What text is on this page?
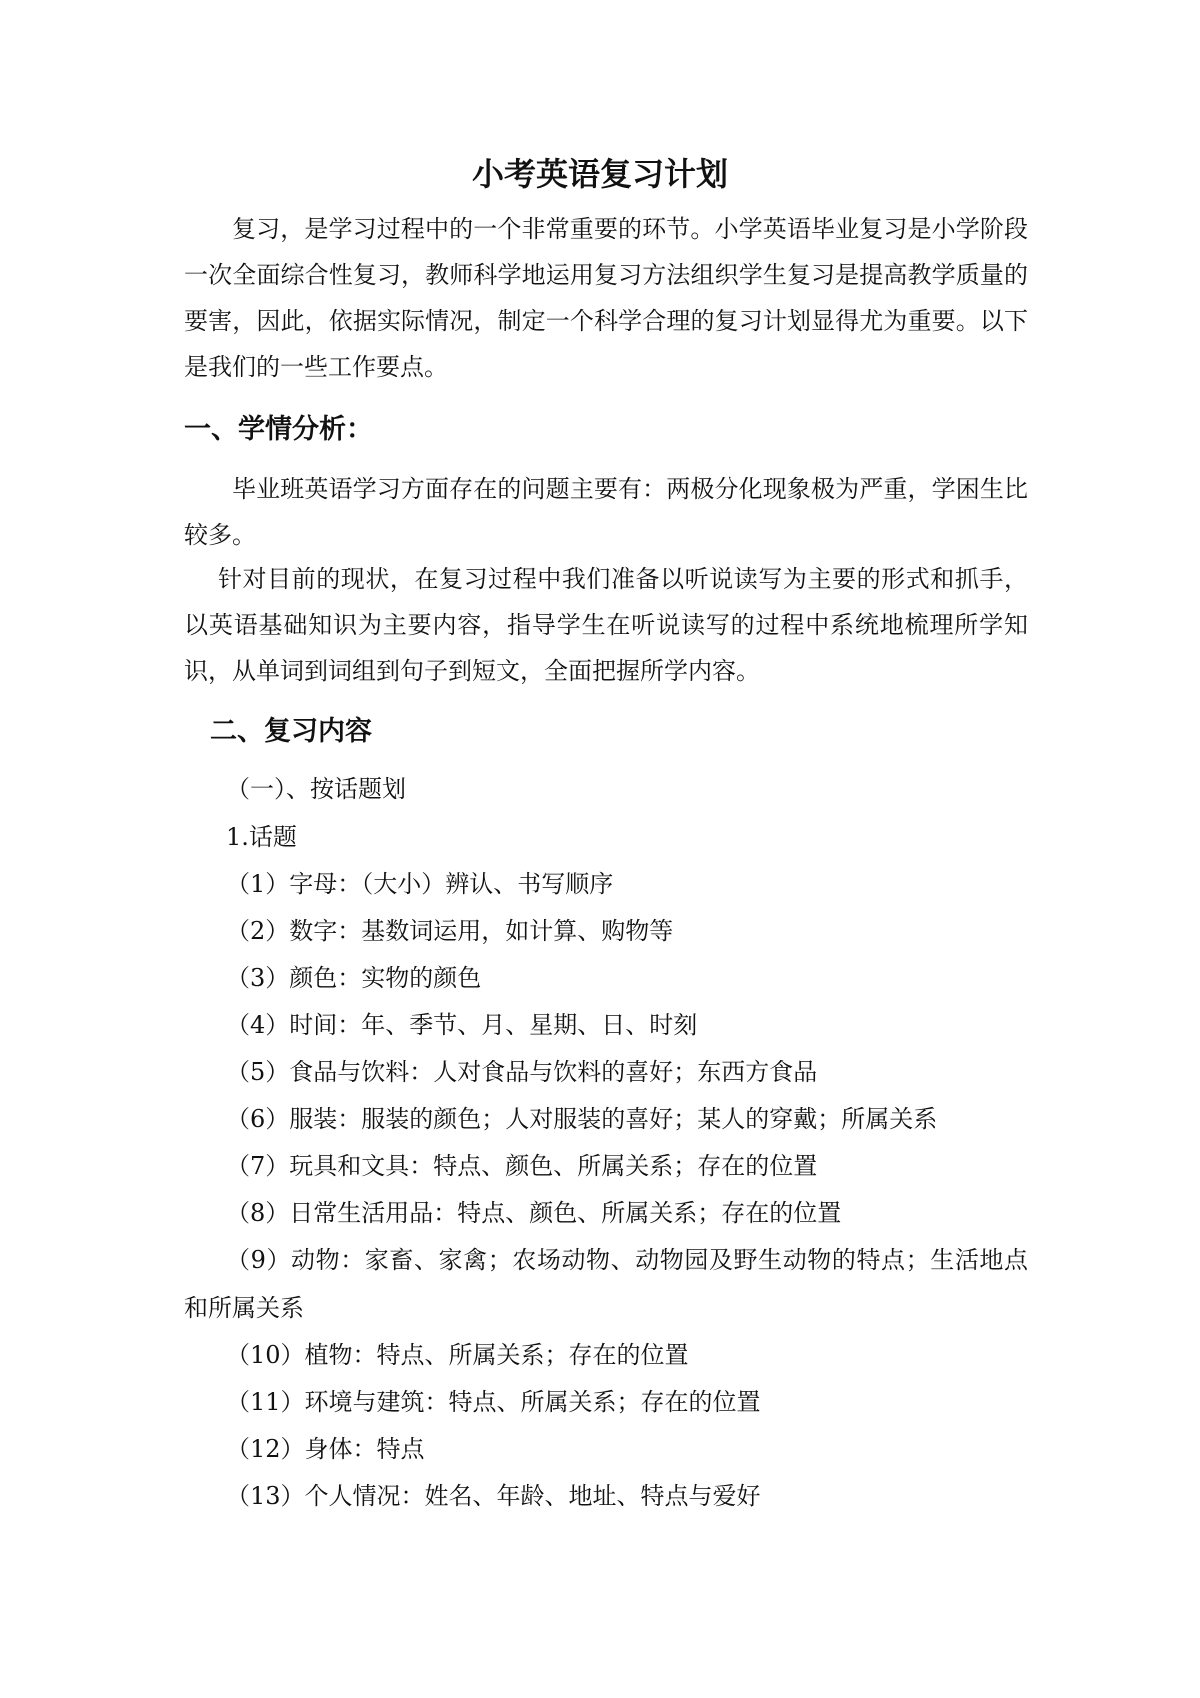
小考英语复习计划
复习，是学习过程中的一个非常重要的环节。小学英语毕业复习是小学阶段一次全面综合性复习，教师科学地运用复习方法组织学生复习是提高教学质量的要害，因此，依据实际情况，制定一个科学合理的复习计划显得尤为重要。以下是我们的一些工作要点。
一、学情分析：
毕业班英语学习方面存在的问题主要有：两极分化现象极为严重，学困生比较多。
针对目前的现状，在复习过程中我们准备以听说读写为主要的形式和抓手，以英语基础知识为主要内容，指导学生在听说读写的过程中系统地梳理所学知识，从单词到词组到句子到短文，全面把握所学内容。
二、复习内容
（一）、按话题划
1.话题
（1）字母：（大小）辨认、书写顺序
（2）数字：基数词运用，如计算、购物等
（3）颜色：实物的颜色
（4）时间：年、季节、月、星期、日、时刻
（5）食品与饮料：人对食品与饮料的喜好；东西方食品
（6）服装：服装的颜色；人对服装的喜好；某人的穿戴；所属关系
（7）玩具和文具：特点、颜色、所属关系；存在的位置
（8）日常生活用品：特点、颜色、所属关系；存在的位置
（9）动物：家畜、家禽；农场动物、动物园及野生动物的特点；生活地点和所属关系
（10）植物：特点、所属关系；存在的位置
（11）环境与建筑：特点、所属关系；存在的位置
（12）身体：特点
（13）个人情况：姓名、年龄、地址、特点与爱好
